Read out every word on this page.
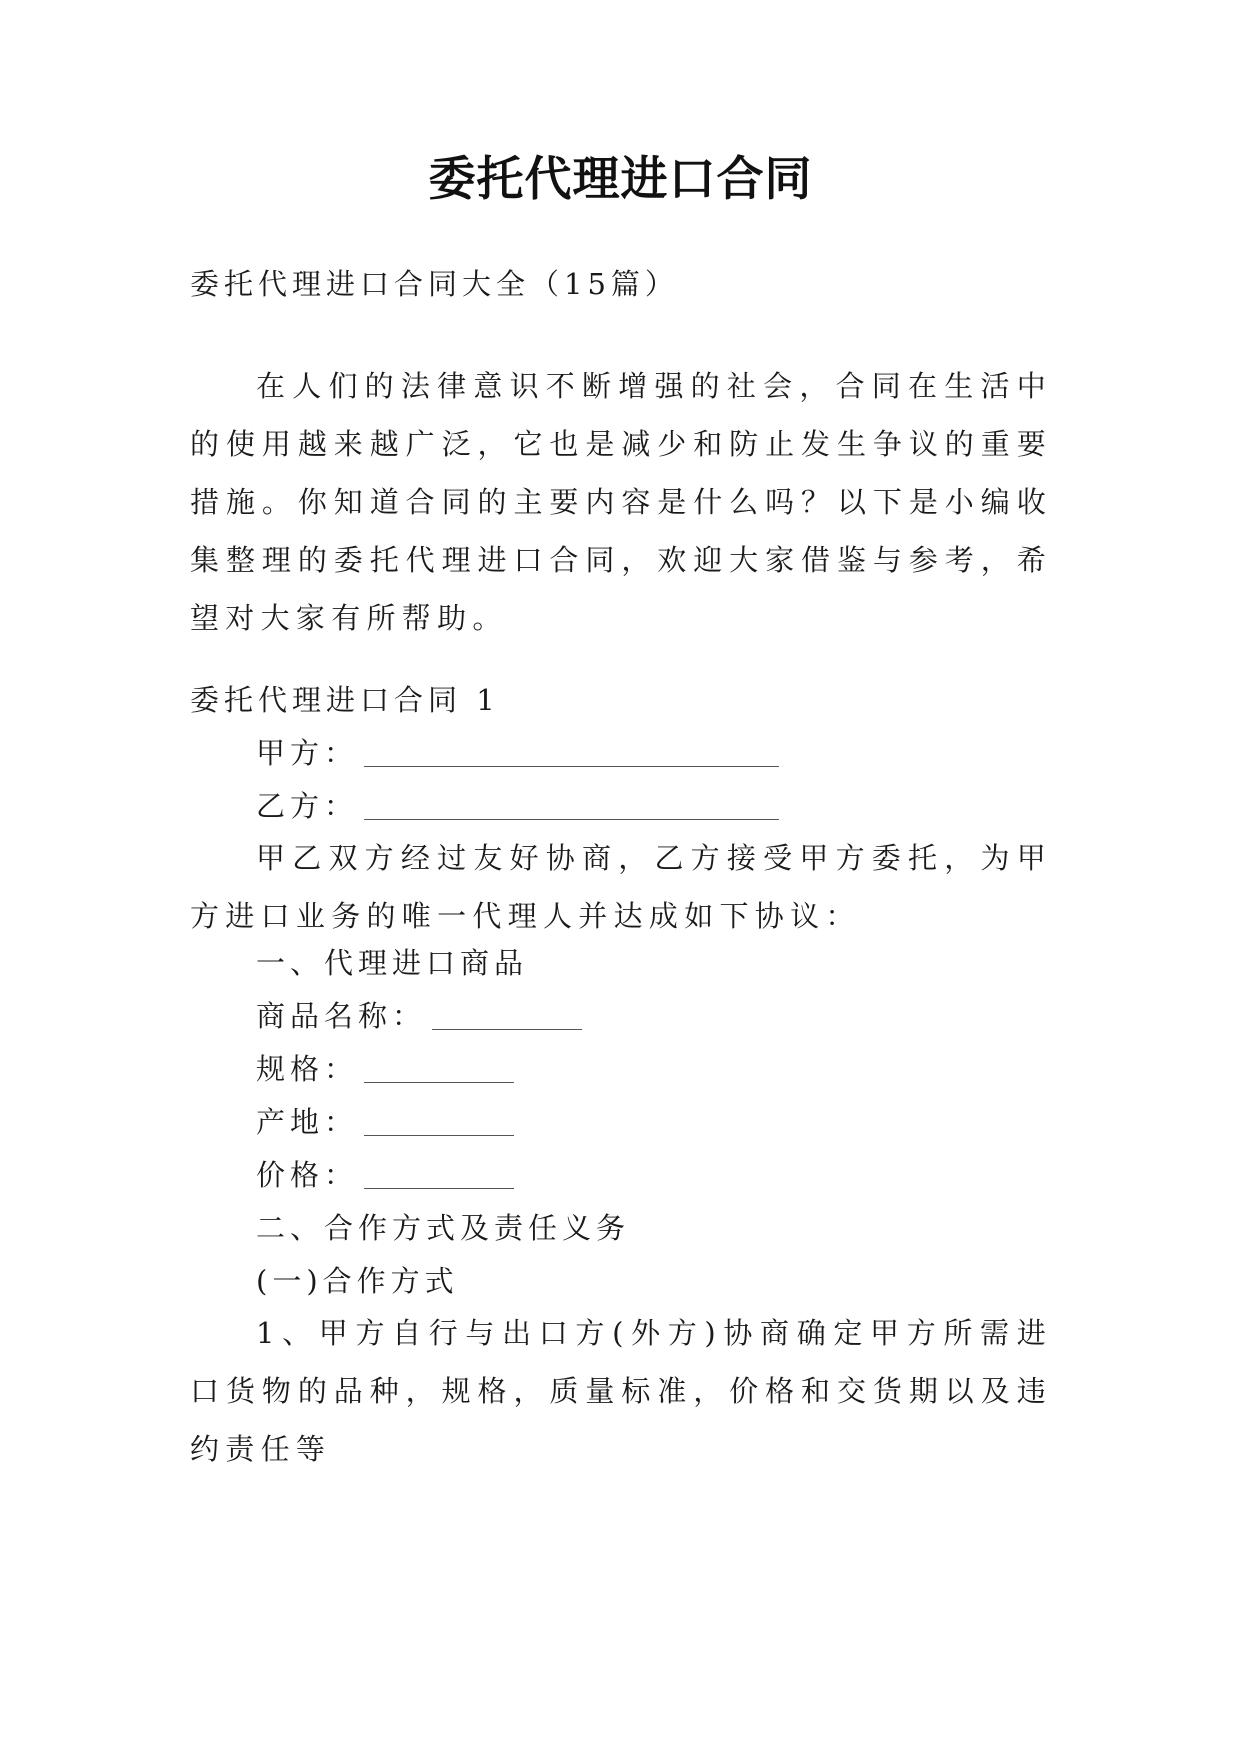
委托代理进口合同
委托代理进口合同大全（15篇）
在人们的法律意识不断增强的社会，合同在生活中的使用越来越广泛，它也是减少和防止发生争议的重要措施。你知道合同的主要内容是什么吗？以下是小编收集整理的委托代理进口合同，欢迎大家借鉴与参考，希望对大家有所帮助。
委托代理进口合同 1
甲方：
乙方：
甲乙双方经过友好协商，乙方接受甲方委托，为甲方进口业务的唯一代理人并达成如下协议：
一、代理进口商品
商品名称：
规格：
产地：
价格：
二、合作方式及责任义务
(一)合作方式
1、甲方自行与出口方(外方)协商确定甲方所需进口货物的品种，规格，质量标准，价格和交货期以及违约责任等
